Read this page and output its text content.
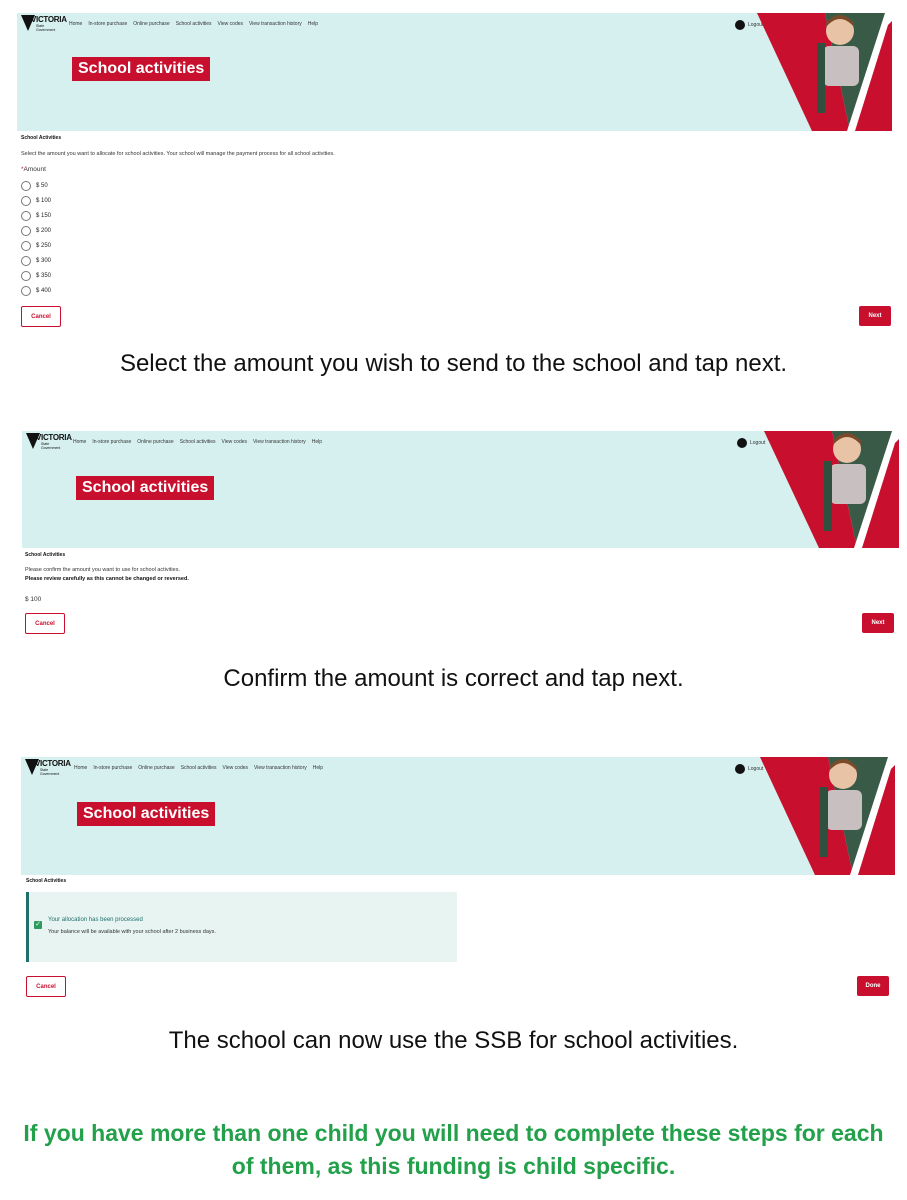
VICTORIA
State Government
Home In-store purchase Online purchase School activities View codes View transaction history Help	Logout
School activities
School Activities
Select the amount you want to allocate for school activities. Your school will manage the payment process for all school activities.
*Amount
$ 50
$ 100
$ 150
$ 200
$ 250
$ 300
$ 350
$ 400
Cancel	Next
Select the amount you wish to send to the school and tap next.
VICTORIA
State Government
Home In-store purchase Online purchase School activities View codes View transaction history Help	Logout
School activities
School Activities
Please confirm the amount you want to use for school activities.
Please review carefully as this cannot be changed or reversed.
$ 100
Cancel	Next
Confirm the amount is correct and tap next.
VICTORIA
State Government
Home In-store purchase Online purchase School activities View codes View transaction history Help	Logout
School activities
School Activities
✓
Your allocation has been processed
Your balance will be available with your school after 2 business days.
Cancel	Done
The school can now use the SSB for school activities.
If you have more than one child you will need to complete these steps for each of them, as this funding is child specific.
